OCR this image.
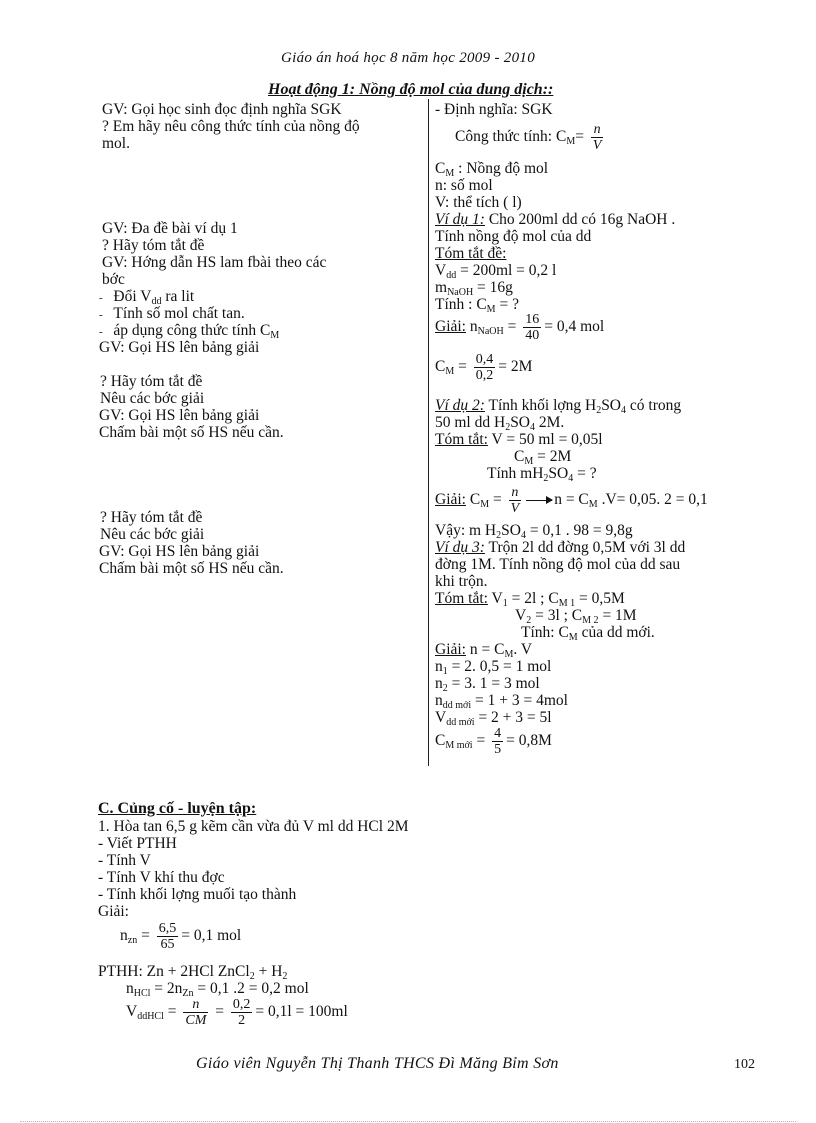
Giáo án hoá học 8 năm học 2009 - 2010
Hoạt động 1: Nồng độ mol của dung dịch::
GV: Gọi học sinh đọc định nghĩa SGK
? Em hãy nêu công thức tính của nồng độ
mol.
GV: Đa đề bài ví dụ 1
? Hãy tóm tắt đề
GV: Hớng dẫn HS lam fbài theo các
bớc
- Đổi $V_{dd}$ ra lit
- Tính số mol chất tan.
- áp dụng công thức tính $C_M$
GV: Gọi HS lên bảng giải
? Hãy tóm tắt đề
Nêu các bớc giải
GV: Gọi HS lên bảng giải
Chấm bài một số HS nếu cần.
? Hãy tóm tắt đề
Nêu các bớc giải
GV: Gọi HS lên bảng giải
Chấm bài một số HS nếu cần.
- Định nghĩa: SGK
Công thức tính: $C_M= \frac{n}{V}$
$C_M$ : Nồng độ mol
n: số mol
V: thể tích ( l)
Ví dụ 1: Cho 200ml dd có 16g NaOH .
Tính nồng độ mol của dd
Tóm tắt đề:
$V_{dd} = 200ml = 0,2$ l
$m_{NaOH} = 16g$
Tính : $C_M$ = ?
Giải: $n_{NaOH} = \frac{16}{40} = 0,4$ mol
$C_M = \frac{0,4}{0,2} = 2M$
Ví dụ 2: Tính khối lợng $H_2SO_4$ có trong
50 ml dd $H_2SO_4$ 2M.
Tóm tắt: V = 50 ml = 0,05l
$C_M = 2M$
Tính $mH_2SO_4$ = ?
Giải: $C_M = \frac{n}{V}$ $n = C_M$ .V= 0,05. 2 = 0,1
Vậy: m $H_2SO_4 = 0,1$ . 98 = 9,8g
Ví dụ 3: Trộn 2l dd đờng 0,5M với 3l dd
đờng 1M. Tính nồng độ mol của dd sau
khi trộn.
Tóm tắt: $V_1 = 2l$ ; $C_{M 1} = 0,5M$
$V_2 = 3l$ ; $C_{M 2} = 1M$
Tính: $C_M$ của dd mới.
Giải: $n = C_M$. V
$n_1 = 2$. 0,5 = 1 mol
$n_2 = 3$. 1 = 3 mol
$n_{dd mới} = 1 + 3 = 4mol$
$V_{dd mới} = 2 + 3 = 5l$
$C_{M mới} = \frac{4}{5} = 0,8M$
C. Củng cố - luyện tập:
1. Hòa tan 6,5 g kẽm cần vừa đủ V ml dd HCl 2M
- Viết PTHH
- Tính V
- Tính V khí thu đợc
- Tính khối lợng muối tạo thành
Giải:
$n_{zn} = \frac{6,5}{65} = 0,1$ mol
PTHH: Zn + 2HCl ZnCl$_2$ + $H_2$
$n_{HCl} = 2n_{Zn} = 0,1$ .2 = 0,2 mol
$V_{ddHCl} = \frac{n}{CM} = \frac{0,2}{2} = 0,1l = 100ml$
Giáo viên Nguyễn Thị Thanh THCS Đì Măng Bỉm Sơn	102
